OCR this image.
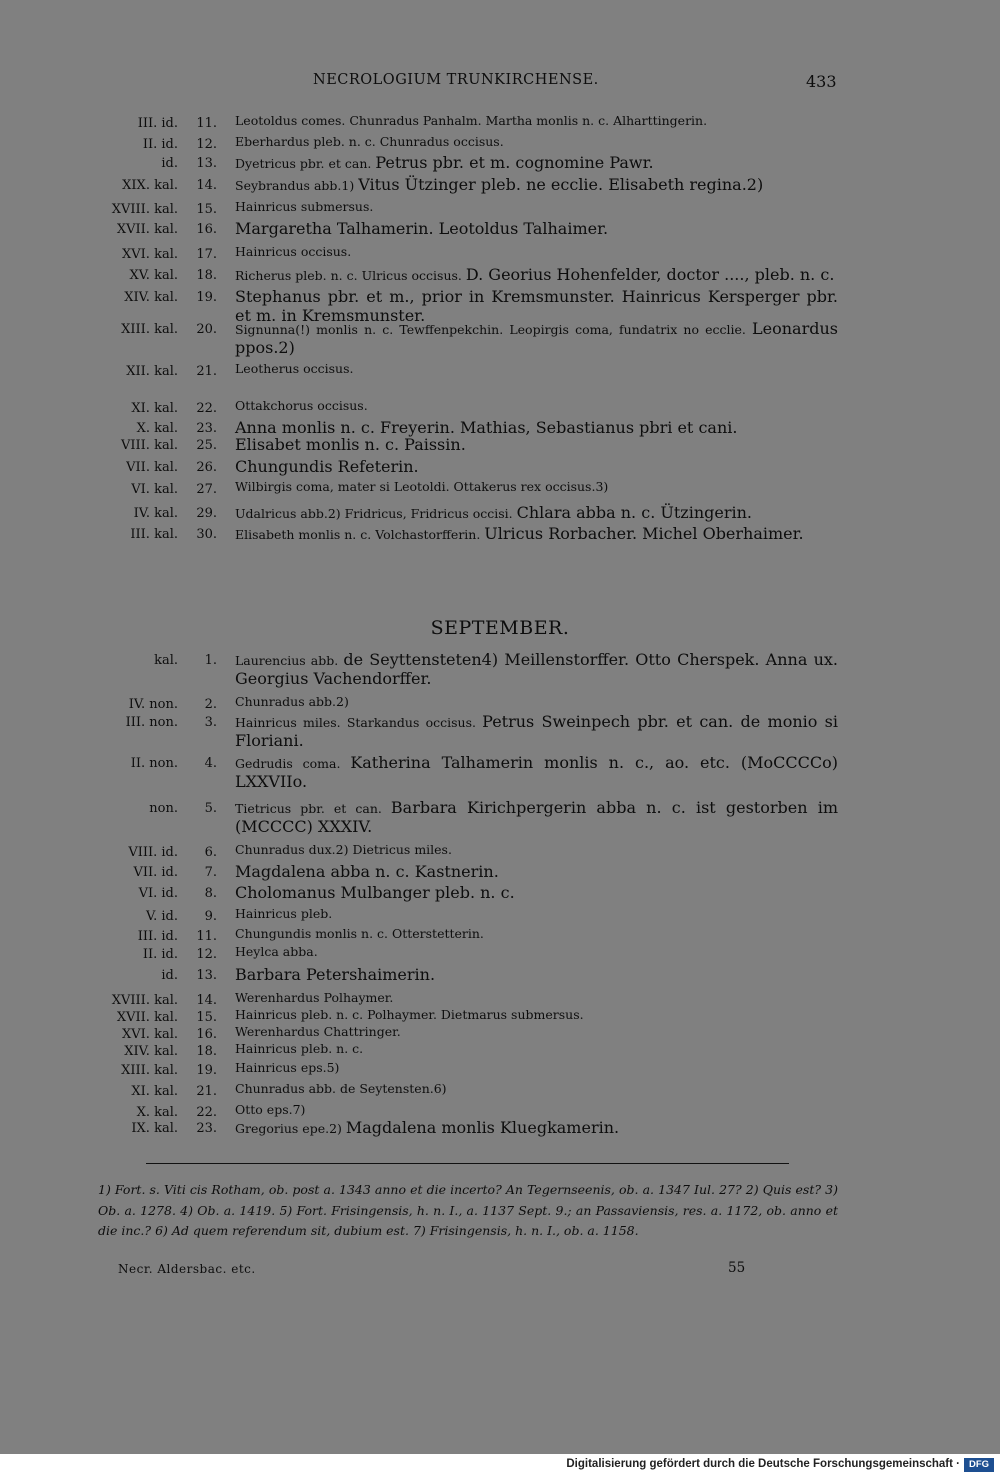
NECROLOGIUM TRUNKIRCHENSE.	433
III. id.	11. Leotoldus comes. Chunradus Panhalm. Martha monlis n. c. Alharttingerin.
II. id.	12. Eberhardus pleb. n. c. Chunradus occisus.
id.	13. Dyetricus pbr. et can. Petrus pbr. et m. cognomine Pawr.
XIX. kal.	14. Seybrandus abb.1) Vitus Ützinger pleb. ne ecclie. Elisabeth regina.2)
XVIII. kal.	15. Hainricus submersus.
XVII. kal.	16. Margaretha Talhamerin. Leotoldus Talhaimer.
XVI. kal.	17. Hainricus occisus.
XV. kal.	18. Richerus pleb. n. c. Ulricus occisus. D. Georius Hohenfelder, doctor ...., pleb. n. c.
XIV. kal.	19. Stephanus pbr. et m., prior in Kremsmunster. Hainricus Kersperger pbr. et m. in Kremsmunster.
XIII. kal.	20. Signunna(!) monlis n. c. Tewffenpekchin. Leopirgis coma, fundatrix no ecclie. Leonardus ppos.2)
XII. kal.	21. Leotherus occisus.
XI. kal.	22. Ottakchorus occisus.
X. kal.	23. Anna monlis n. c. Freyerin. Mathias, Sebastianus pbri et cani.
VIII. kal.	25. Elisabet monlis n. c. Paissin.
VII. kal.	26. Chungundis Refeterin.
VI. kal.	27. Wilbirgis coma, mater si Leotoldi. Ottakerus rex occisus.3)
IV. kal.	29. Udalricus abb.2) Fridricus, Fridricus occisi. Chlara abba n. c. Ützingerin.
III. kal.	30. Elisabeth monlis n. c. Volchastorfferin. Ulricus Rorbacher. Michel Oberhaimer.
SEPTEMBER.
kal.	1. Laurencius abb. de Seyttensteten4) Meillenstorffer. Otto Cherspek. Anna ux. Georgius Vachendorffer.
IV. non.	2. Chunradus abb.2)
III. non.	3. Hainricus miles. Starkandus occisus. Petrus Sweinpech pbr. et can. de monio si Floriani.
II. non.	4. Gedrudis coma. Katherina Talhamerin monlis n. c., ao. etc. (MoCCCCo) LXXVIIo.
non.	5. Tietricus pbr. et can. Barbara Kirichpergerin abba n. c. ist gestorben im (MCCCC) XXXIV.
VIII. id.	6. Chunradus dux.2) Dietricus miles.
VII. id.	7. Magdalena abba n. c. Kastnerin.
VI. id.	8. Cholomanus Mulbanger pleb. n. c.
V. id.	9. Hainricus pleb.
III. id.	11. Chungundis monlis n. c. Otterstetterin.
II. id.	12. Heylca abba.
id.	13. Barbara Petershaimerin.
XVIII. kal.	14. Werenhardus Polhaymer.
XVII. kal.	15. Hainricus pleb. n. c. Polhaymer. Dietmarus submersus.
XVI. kal.	16. Werenhardus Chattringer.
XIV. kal.	18. Hainricus pleb. n. c.
XIII. kal.	19. Hainricus eps.5)
XI. kal.	21. Chunradus abb. de Seytensten.6)
X. kal.	22. Otto eps.7)
IX. kal.	23. Gregorius epe.2) Magdalena monlis Kluegkamerin.
1) Fort. s. Viti cis Rotham, ob. post a. 1343 anno et die incerto? An Tegernseenis, ob. a. 1347 Iul. 27? 2) Quis est? 3) Ob. a. 1278. 4) Ob. a. 1419. 5) Fort. Frisingensis, h. n. I., a. 1137 Sept. 9.; an Passaviensis, res. a. 1172, ob. anno et die inc.? 6) Ad quem referendum sit, dubium est. 7) Frisingensis, h. n. I., ob. a. 1158.
Necr. Aldersbac. etc.	55
Digitalisierung gefördert durch die Deutsche Forschungsgemeinschaft · DFG
